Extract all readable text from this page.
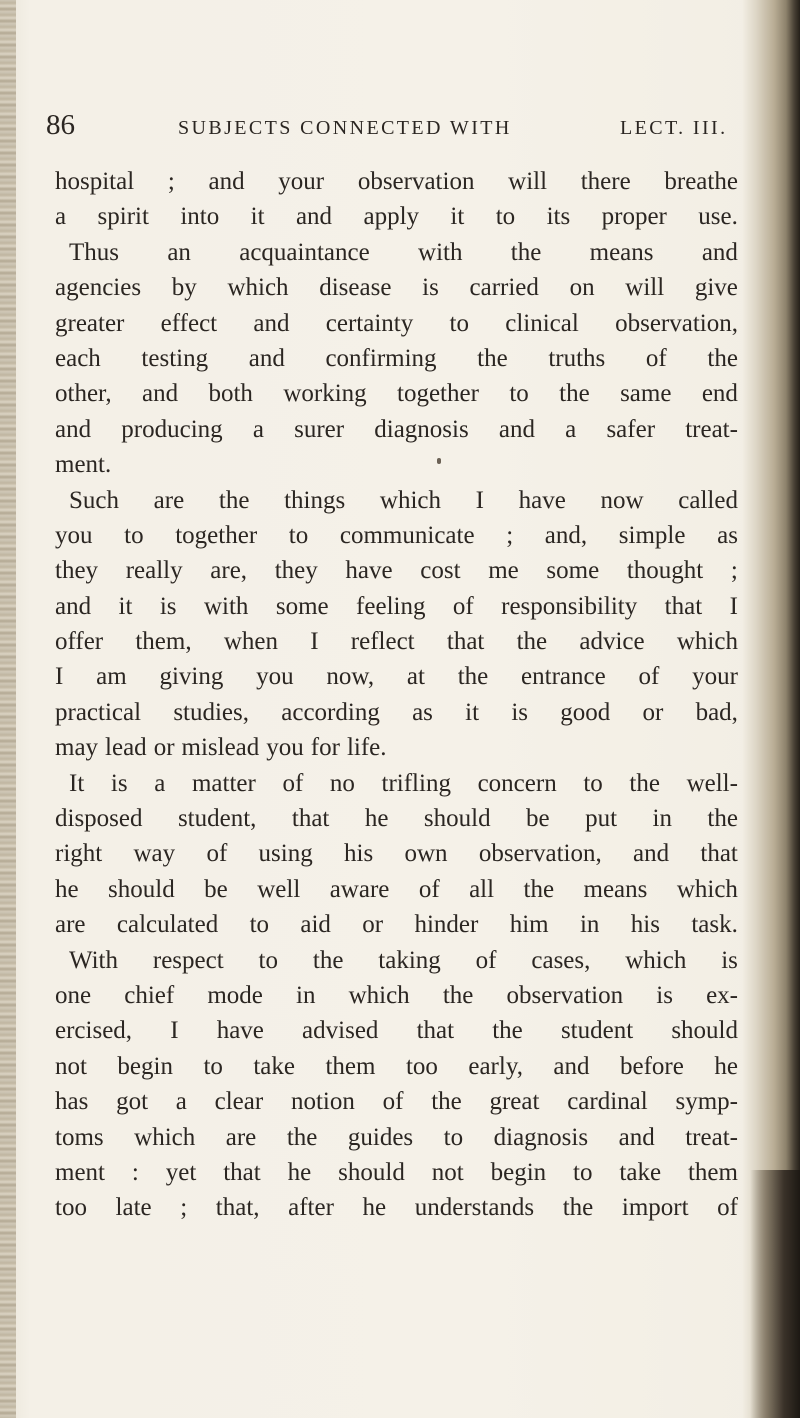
86	SUBJECTS CONNECTED WITH	LECT. III.
hospital ; and your observation will there breathe
a spirit into it and apply it to its proper use.
Thus an acquaintance with the means and
agencies by which disease is carried on will give
greater effect and certainty to clinical observation,
each testing and confirming the truths of the
other, and both working together to the same end
and producing a surer diagnosis and a safer treat-
ment.
Such are the things which I have now called
you to together to communicate ; and, simple as
they really are, they have cost me some thought ;
and it is with some feeling of responsibility that I
offer them, when I reflect that the advice which
I am giving you now, at the entrance of your
practical studies, according as it is good or bad,
may lead or mislead you for life.
It is a matter of no trifling concern to the well-
disposed student, that he should be put in the
right way of using his own observation, and that
he should be well aware of all the means which
are calculated to aid or hinder him in his task.
With respect to the taking of cases, which is
one chief mode in which the observation is ex-
ercised, I have advised that the student should
not begin to take them too early, and before he
has got a clear notion of the great cardinal symp-
toms which are the guides to diagnosis and treat-
ment : yet that he should not begin to take them
too late ; that, after he understands the import of
